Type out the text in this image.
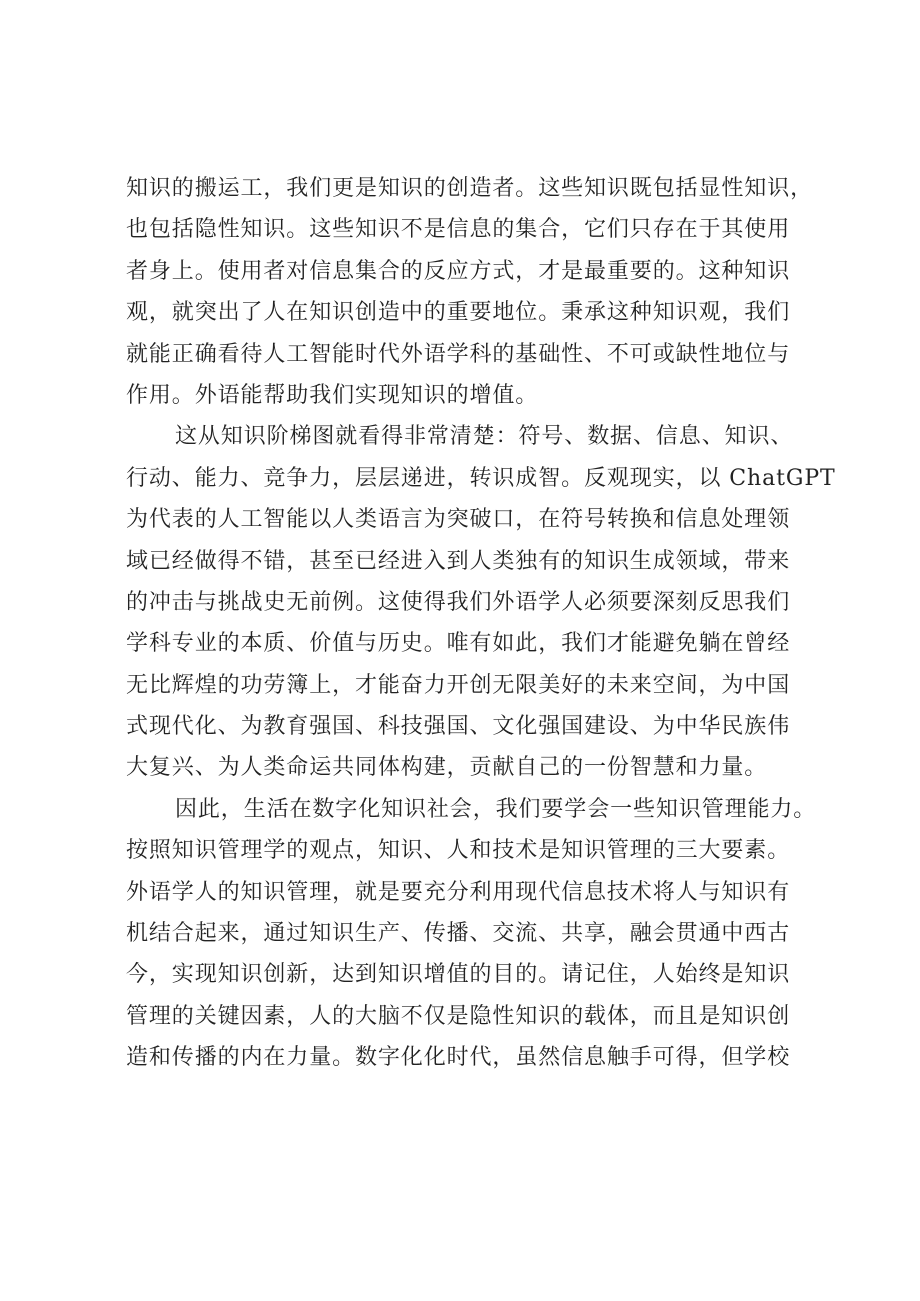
知识的搬运工，我们更是知识的创造者。这些知识既包括显性知识，
也包括隐性知识。这些知识不是信息的集合，它们只存在于其使用
者身上。使用者对信息集合的反应方式，才是最重要的。这种知识
观，就突出了人在知识创造中的重要地位。秉承这种知识观，我们
就能正确看待人工智能时代外语学科的基础性、不可或缺性地位与
作用。外语能帮助我们实现知识的增值。
这从知识阶梯图就看得非常清楚：符号、数据、信息、知识、
行动、能力、竞争力，层层递进，转识成智。反观现实，以 ChatGPT
为代表的人工智能以人类语言为突破口，在符号转换和信息处理领
域已经做得不错，甚至已经进入到人类独有的知识生成领域，带来
的冲击与挑战史无前例。这使得我们外语学人必须要深刻反思我们
学科专业的本质、价值与历史。唯有如此，我们才能避免躺在曾经
无比辉煌的功劳簿上，才能奋力开创无限美好的未来空间，为中国
式现代化、为教育强国、科技强国、文化强国建设、为中华民族伟
大复兴、为人类命运共同体构建，贡献自己的一份智慧和力量。
因此，生活在数字化知识社会，我们要学会一些知识管理能力。
按照知识管理学的观点，知识、人和技术是知识管理的三大要素。
外语学人的知识管理，就是要充分利用现代信息技术将人与知识有
机结合起来，通过知识生产、传播、交流、共享，融会贯通中西古
今，实现知识创新，达到知识增值的目的。请记住，人始终是知识
管理的关键因素，人的大脑不仅是隐性知识的载体，而且是知识创
造和传播的内在力量。数字化化时代，虽然信息触手可得，但学校
